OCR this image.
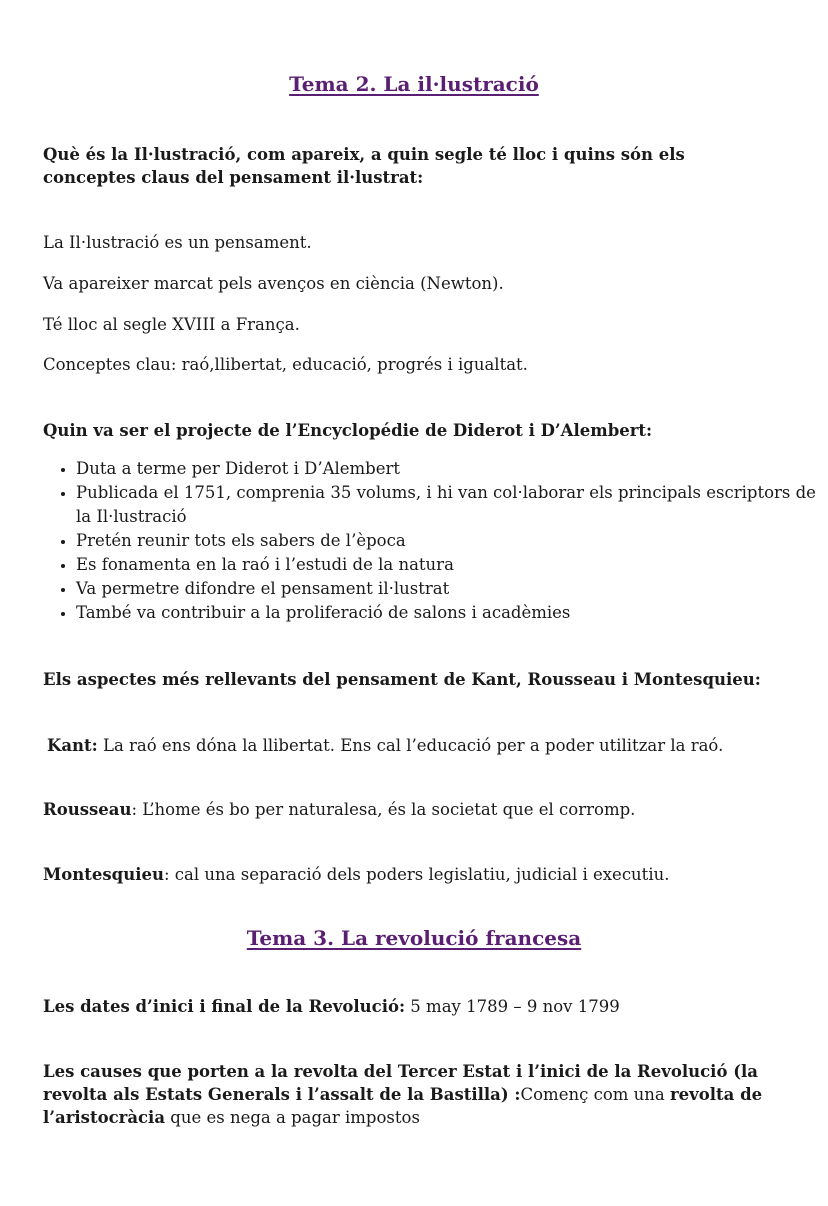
Tema 2. La il·lustració
Què és la Il·lustració, com apareix, a quin segle té lloc i quins són els conceptes claus del pensament il·lustrat:
La Il·lustració es un pensament.
Va apareixer marcat pels avenços en ciència (Newton).
Té lloc al segle XVIII a França.
Conceptes clau: raó,llibertat, educació, progrés i igualtat.
Quin va ser el projecte de l’Encyclopédie de Diderot i D’Alembert:
• Duta a terme per Diderot i D’Alembert
• Publicada el 1751, comprenia 35 volums, i hi van col·laborar els principals escriptors de la Il·lustració
• Pretén reunir tots els sabers de l’època
• Es fonamenta en la raó i l’estudi de la natura
• Va permetre difondre el pensament il·lustrat
• També va contribuir a la proliferació de salons i acadèmies
Els aspectes més rellevants del pensament de Kant, Rousseau i Montesquieu:
Kant: La raó ens dóna la llibertat. Ens cal l’educació per a poder utilitzar la raó.
Rousseau: L’home és bo per naturalesa, és la societat que el corromp.
Montesquieu: cal una separació dels poders legislatiu, judicial i executiu.
Tema 3. La revolució francesa
Les dates d’inici i final de la Revolució: 5 may 1789 – 9 nov 1799
Les causes que porten a la revolta del Tercer Estat i l’inici de la Revolució (la revolta als Estats Generals i l’assalt de la Bastilla) :Començ com una revolta de l’aristocràcia que es nega a pagar impostos
